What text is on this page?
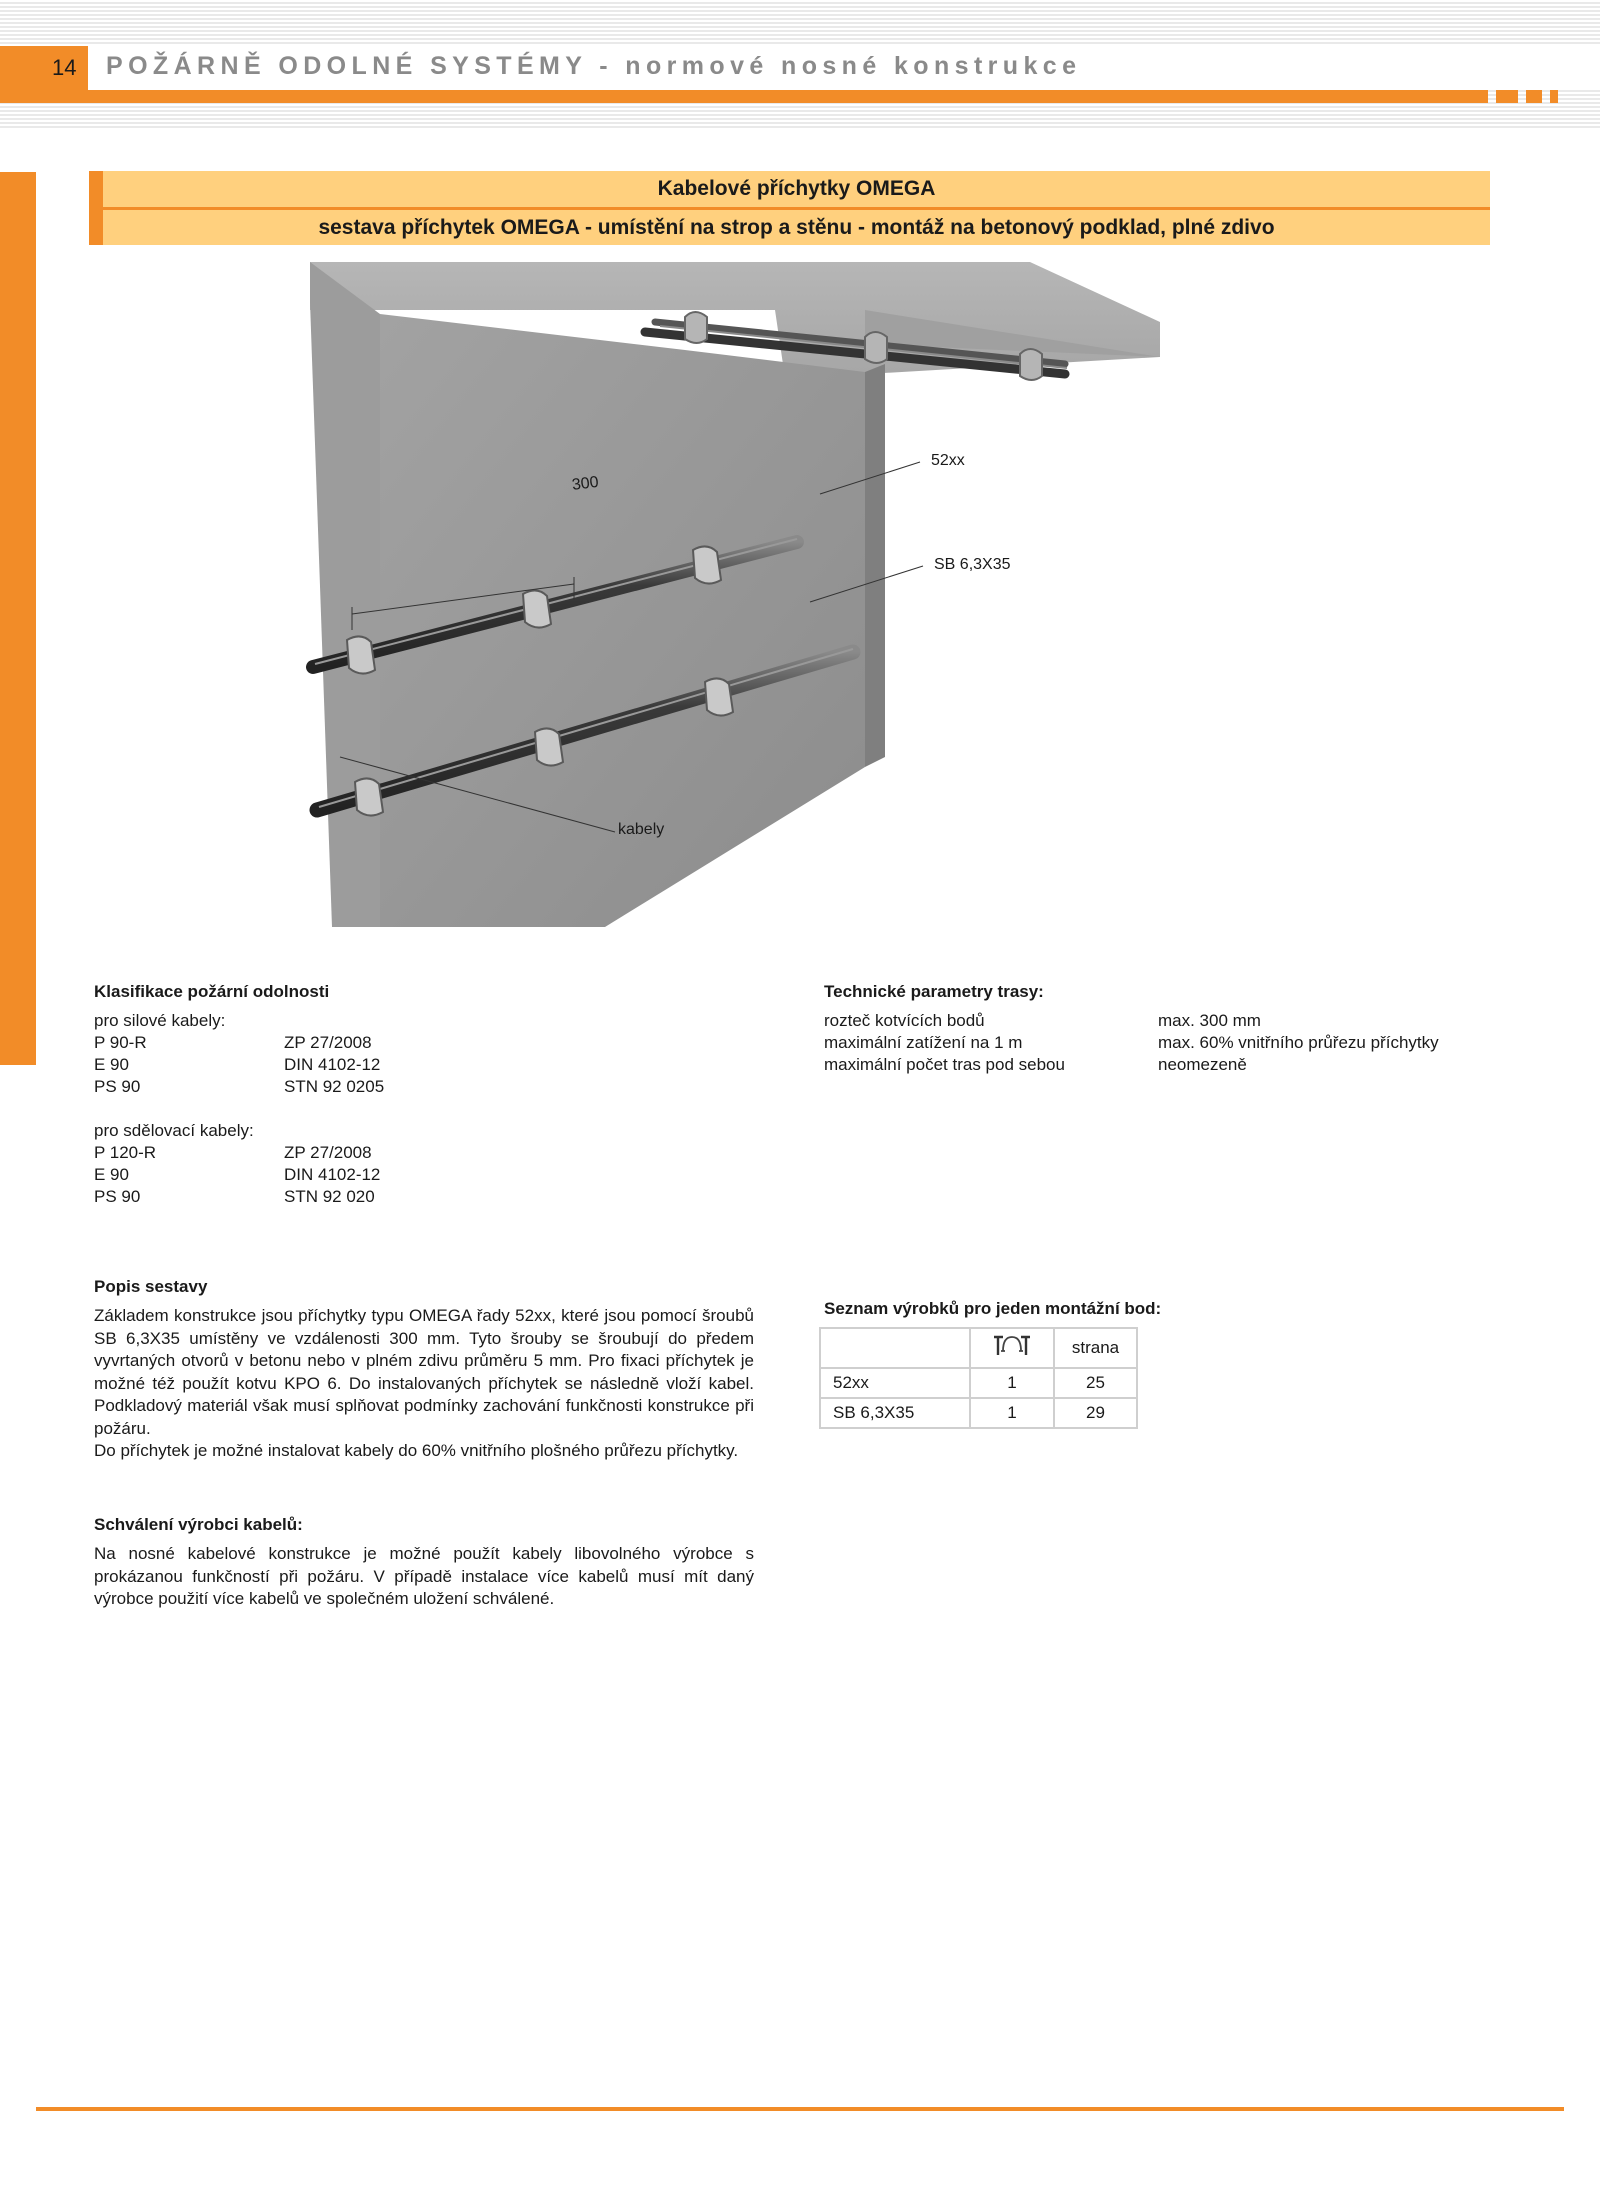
14 POŽÁRNĚ ODOLNÉ SYSTÉMY - normové nosné konstrukce
Kabelové příchytky OMEGA
sestava příchytek OMEGA - umístění na strop a stěnu - montáž na betonový podklad, plné zdivo
300
52xx
SB 6,3X35
kabely
Klasifikace požární odolnosti
pro silové kabely:
P 90-R	ZP 27/2008
E 90	DIN 4102-12
PS 90	STN 92 0205
pro sdělovací kabely:
P 120-R	ZP 27/2008
E 90	DIN 4102-12
PS 90	STN 92 020
Technické parametry trasy:
rozteč kotvících bodů	max. 300 mm
maximální zatížení na 1 m	max. 60% vnitřního průřezu příchytky
maximální počet tras pod sebou	neomezeně
Popis sestavy

Základem konstrukce jsou příchytky typu OMEGA řady 52xx, které jsou pomocí šroubů SB 6,3X35 umístěny ve vzdálenosti 300 mm. Tyto šrouby se šroubují do předem vyvrtaných otvorů v betonu nebo v plném zdivu průměru 5 mm. Pro fixaci příchytek je možné též použít kotvu KPO 6. Do instalovaných příchytek se následně vloží kabel. Podkladový materiál však musí splňovat podmínky zachování funkčnosti konstrukce při požáru.

Do příchytek je možné instalovat kabely do 60% vnitřního plošného průřezu příchytky.

Seznam výrobků pro jeden montážní bod:
		strana
52xx	1	25
SB 6,3X35	1	29
Schválení výrobci kabelů:
Na nosné kabelové konstrukce je možné použít kabely libovolného výrobce s prokázanou funkčností při požáru. V případě instalace více kabelů musí mít daný výrobce použití více kabelů ve společném uložení schválené.
